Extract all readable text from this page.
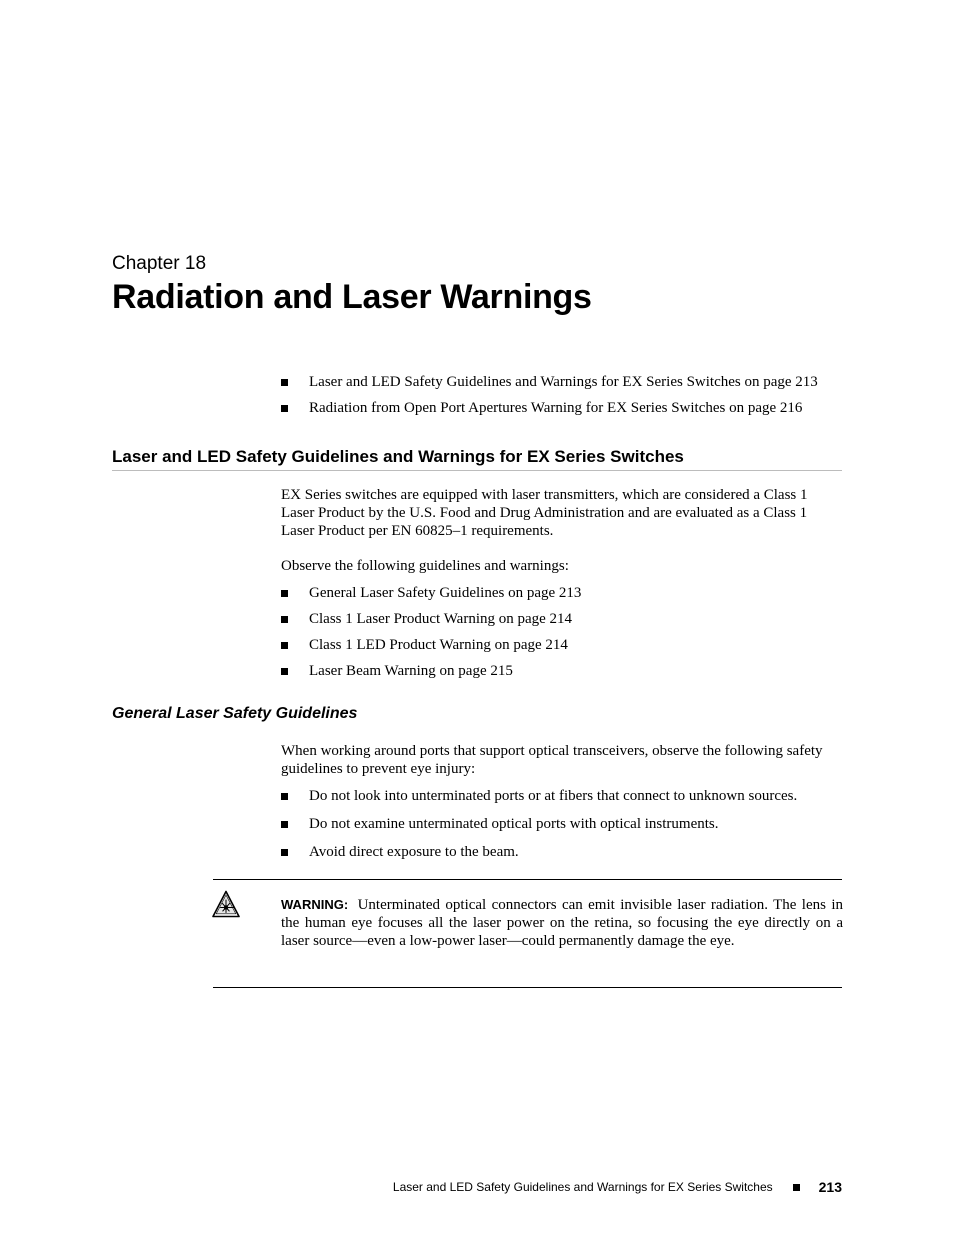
Chapter 18
Radiation and Laser Warnings
Laser and LED Safety Guidelines and Warnings for EX Series Switches on page 213
Radiation from Open Port Apertures Warning for EX Series Switches on page 216
Laser and LED Safety Guidelines and Warnings for EX Series Switches

EX Series switches are equipped with laser transmitters, which are considered a Class 1 Laser Product by the U.S. Food and Drug Administration and are evaluated as a Class 1 Laser Product per EN 60825–1 requirements.

Observe the following guidelines and warnings:

General Laser Safety Guidelines on page 213
Class 1 Laser Product Warning on page 214
Class 1 LED Product Warning on page 214
Laser Beam Warning on page 215
General Laser Safety Guidelines

When working around ports that support optical transceivers, observe the following safety guidelines to prevent eye injury:

Do not look into unterminated ports or at fibers that connect to unknown sources.
Do not examine unterminated optical ports with optical instruments.
Avoid direct exposure to the beam.

WARNING: Unterminated optical connectors can emit invisible laser radiation. The lens in the human eye focuses all the laser power on the retina, so focusing the eye directly on a laser source—even a low-power laser—could permanently damage the eye.

Laser and LED Safety Guidelines and Warnings for EX Series Switches	213
